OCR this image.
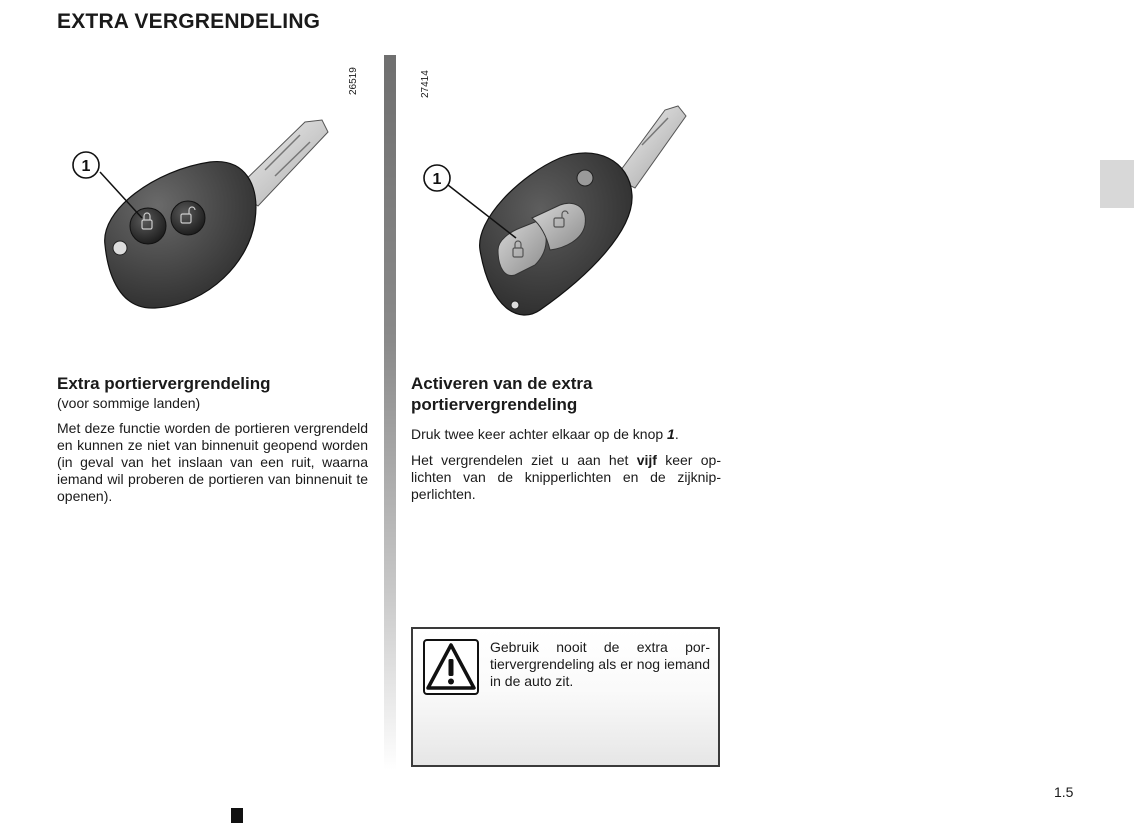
EXTRA VERGRENDELING
26519
1
27414
1
Extra portiervergrendeling
(voor sommige landen)
Met deze functie worden de portieren vergrendeld en kunnen ze niet van binnenuit geopend worden (in geval van het inslaan van een ruit, waarna iemand wil proberen de portieren van binnenuit te openen).
Activeren van de extra
portiervergrendeling
Druk twee keer achter elkaar op de knop 1.
Het vergrendelen ziet u aan het vijf keer oplichten van de knipperlichten en de zijknipperlichten.
Gebruik nooit de extra portiervergrendeling als er nog iemand in de auto zit.
1.5
